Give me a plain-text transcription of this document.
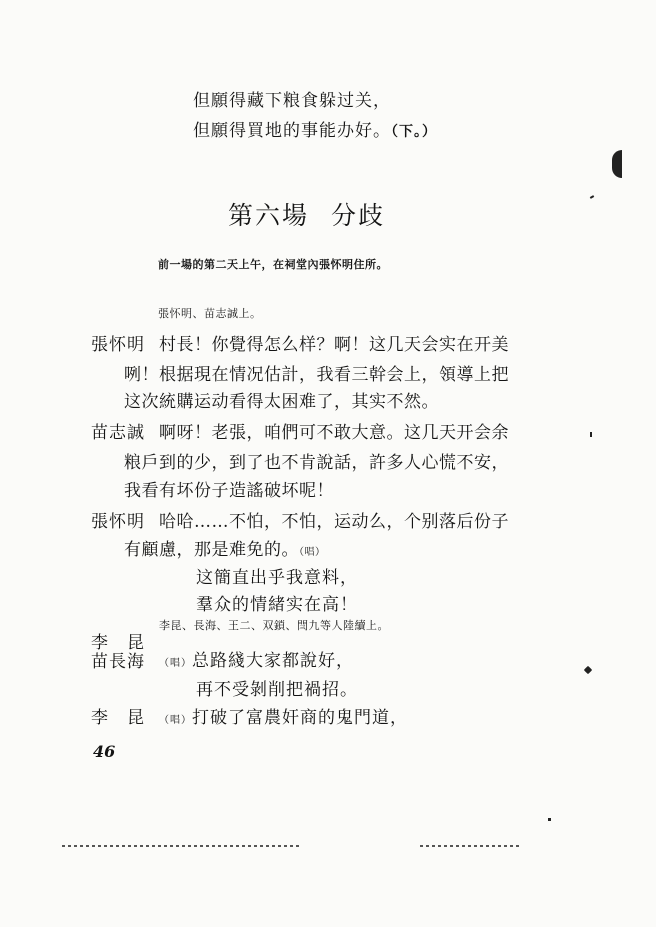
但願得藏下粮食躲过关，
但願得買地的事能办好。（下。）
第六場 分歧
前一場的第二天上午，在祠堂內張怀明住所。
張怀明、苗志誠上。
張怀明 村長！你覺得怎么样？啊！这几天会实在开美
咧！根据現在情况估計，我看三幹会上，領導上把
这次統購运动看得太困难了，其实不然。
苗志誠 啊呀！老張，咱們可不敢大意。这几天开会余
粮戶到的少，到了也不肯說話，許多人心慌不安，
我看有坏份子造謠破坏呢！
張怀明 哈哈……不怕，不怕，运动么，个别落后份子
有顧慮，那是难免的。（唱）
这簡直出乎我意料，
羣众的情緒实在高！
李昆、長海、王二、双鎖、閆九等人陸續上。
李　昆
苗長海 （唱）总路綫大家都說好，
再不受剝削把禍招。
李　昆 （唱）打破了富農奸商的鬼門道，
46
